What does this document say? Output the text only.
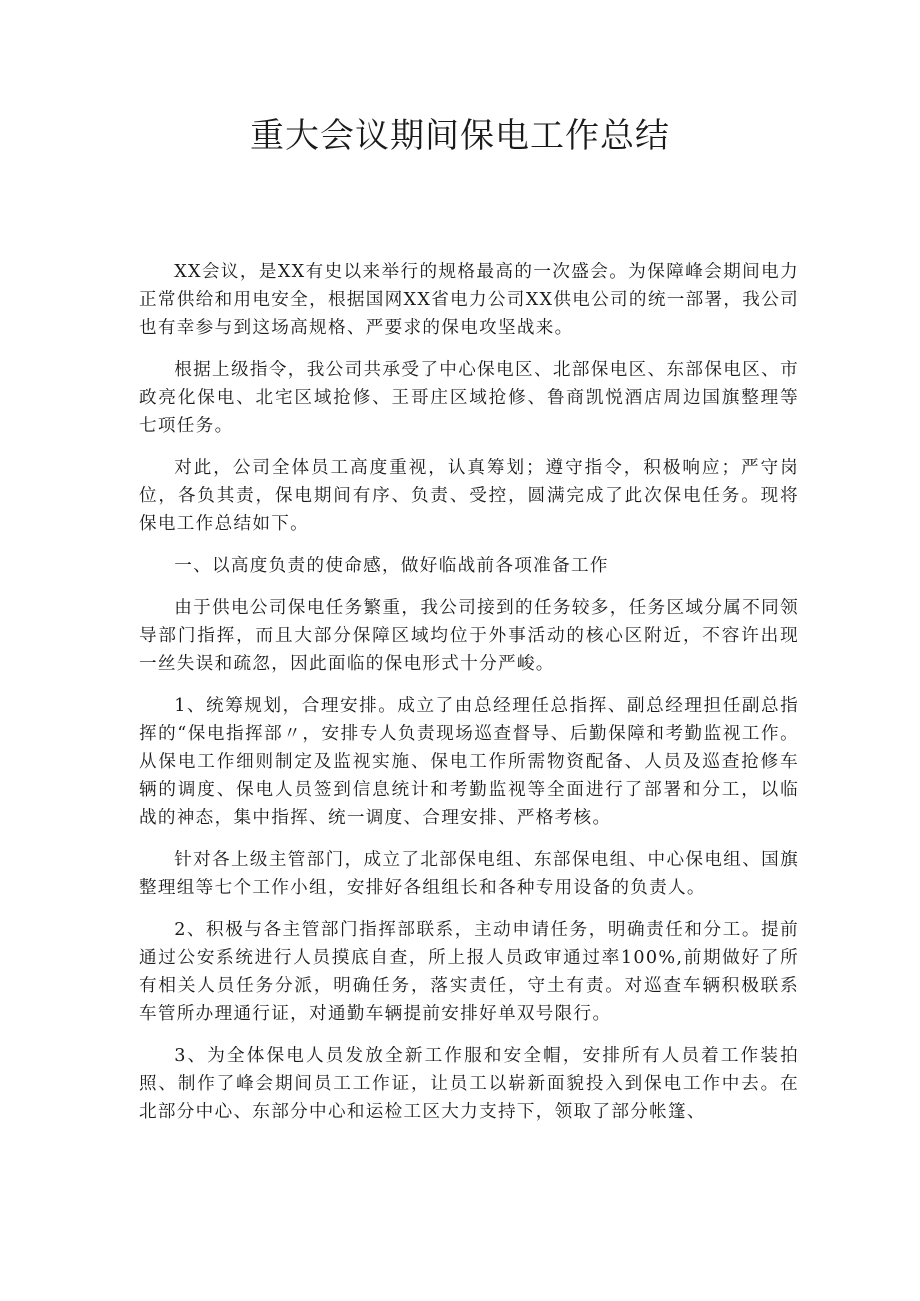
重大会议期间保电工作总结

XX会议，是XX有史以来举行的规格最高的一次盛会。为保障峰会期间电力正常供给和用电安全，根据国网XX省电力公司XX供电公司的统一部署，我公司也有幸参与到这场高规格、严要求的保电攻坚战来。

根据上级指令，我公司共承受了中心保电区、北部保电区、东部保电区、市政亮化保电、北宅区域抢修、王哥庄区域抢修、鲁商凯悦酒店周边国旗整理等七项任务。

对此，公司全体员工高度重视，认真筹划；遵守指令，积极响应；严守岗位，各负其责，保电期间有序、负责、受控，圆满完成了此次保电任务。现将保电工作总结如下。

一、以高度负责的使命感，做好临战前各项准备工作

由于供电公司保电任务繁重，我公司接到的任务较多，任务区域分属不同领导部门指挥，而且大部分保障区域均位于外事活动的核心区附近，不容许出现一丝失误和疏忽，因此面临的保电形式十分严峻。

1、统筹规划，合理安排。成立了由总经理任总指挥、副总经理担任副总指挥的“保电指挥部〃，安排专人负责现场巡查督导、后勤保障和考勤监视工作。从保电工作细则制定及监视实施、保电工作所需物资配备、人员及巡查抢修车辆的调度、保电人员签到信息统计和考勤监视等全面进行了部署和分工，以临战的神态，集中指挥、统一调度、合理安排、严格考核。

针对各上级主管部门，成立了北部保电组、东部保电组、中心保电组、国旗整理组等七个工作小组，安排好各组组长和各种专用设备的负责人。

2、积极与各主管部门指挥部联系，主动申请任务，明确责任和分工。提前通过公安系统进行人员摸底自查，所上报人员政审通过率100%,前期做好了所有相关人员任务分派，明确任务，落实责任，守土有责。对巡查车辆积极联系车管所办理通行证，对通勤车辆提前安排好单双号限行。

3、为全体保电人员发放全新工作服和安全帽，安排所有人员着工作装拍照、制作了峰会期间员工工作证，让员工以崭新面貌投入到保电工作中去。在北部分中心、东部分中心和运检工区大力支持下，领取了部分帐篷、
